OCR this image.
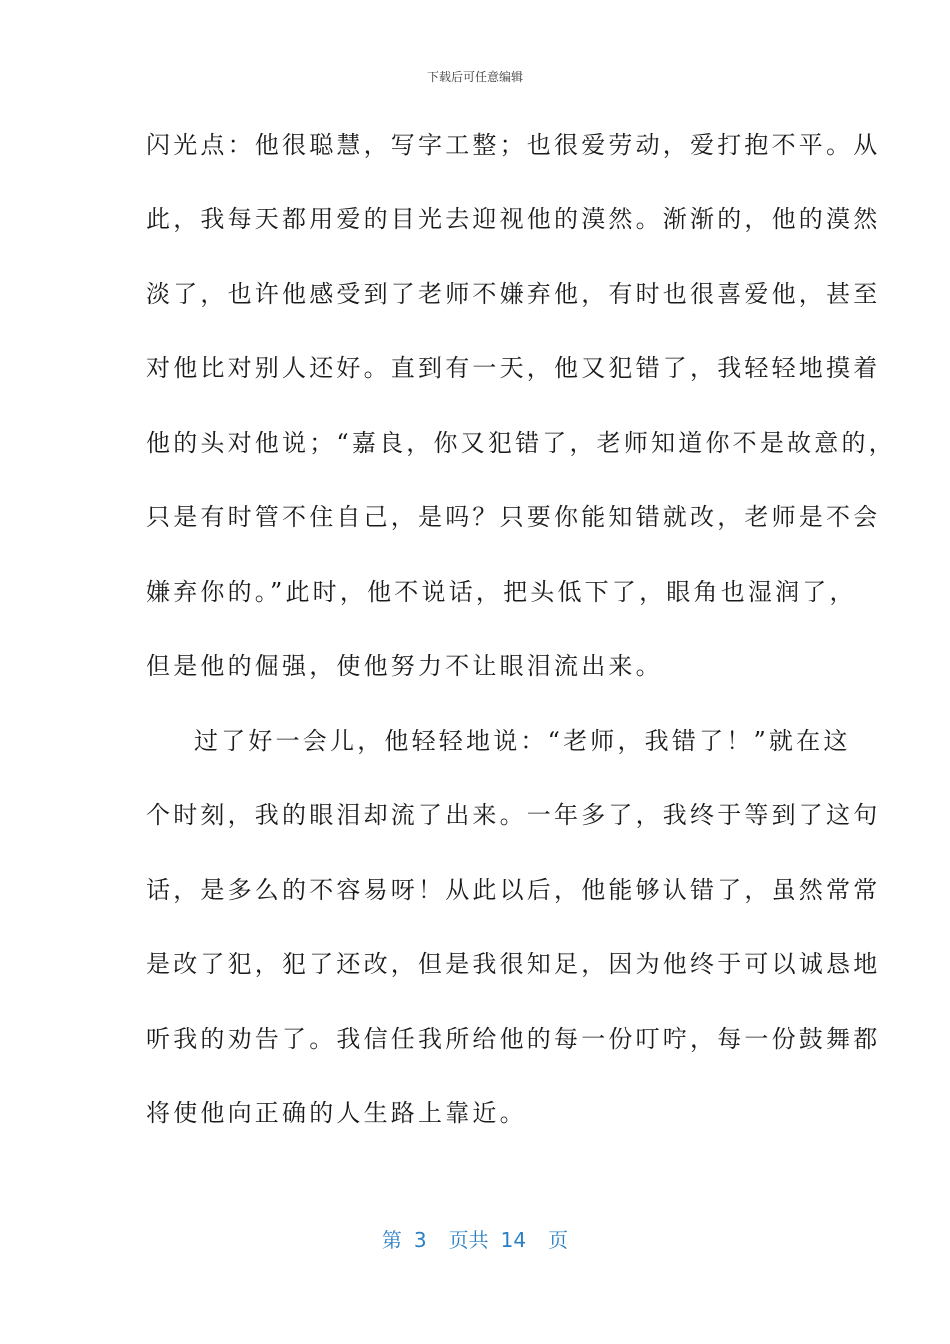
下载后可任意编辑
闪光点：他很聪慧，写字工整；也很爱劳动，爱打抱不平。从
此，我每天都用爱的目光去迎视他的漠然。渐渐的，他的漠然
淡了，也许他感受到了老师不嫌弃他，有时也很喜爱他，甚至
对他比对别人还好。直到有一天，他又犯错了，我轻轻地摸着
他的头对他说；“嘉良，你又犯错了，老师知道你不是故意的，
只是有时管不住自己，是吗？只要你能知错就改，老师是不会
嫌弃你的。”此时，他不说话，把头低下了，眼角也湿润了，
但是他的倔强，使他努力不让眼泪流出来。
过了好一会儿，他轻轻地说：“老师，我错了！”就在这
个时刻，我的眼泪却流了出来。一年多了，我终于等到了这句
话，是多么的不容易呀！从此以后，他能够认错了，虽然常常
是改了犯，犯了还改，但是我很知足，因为他终于可以诚恳地
听我的劝告了。我信任我所给他的每一份叮咛，每一份鼓舞都
将使他向正确的人生路上靠近。
第 3 页共 14 页
